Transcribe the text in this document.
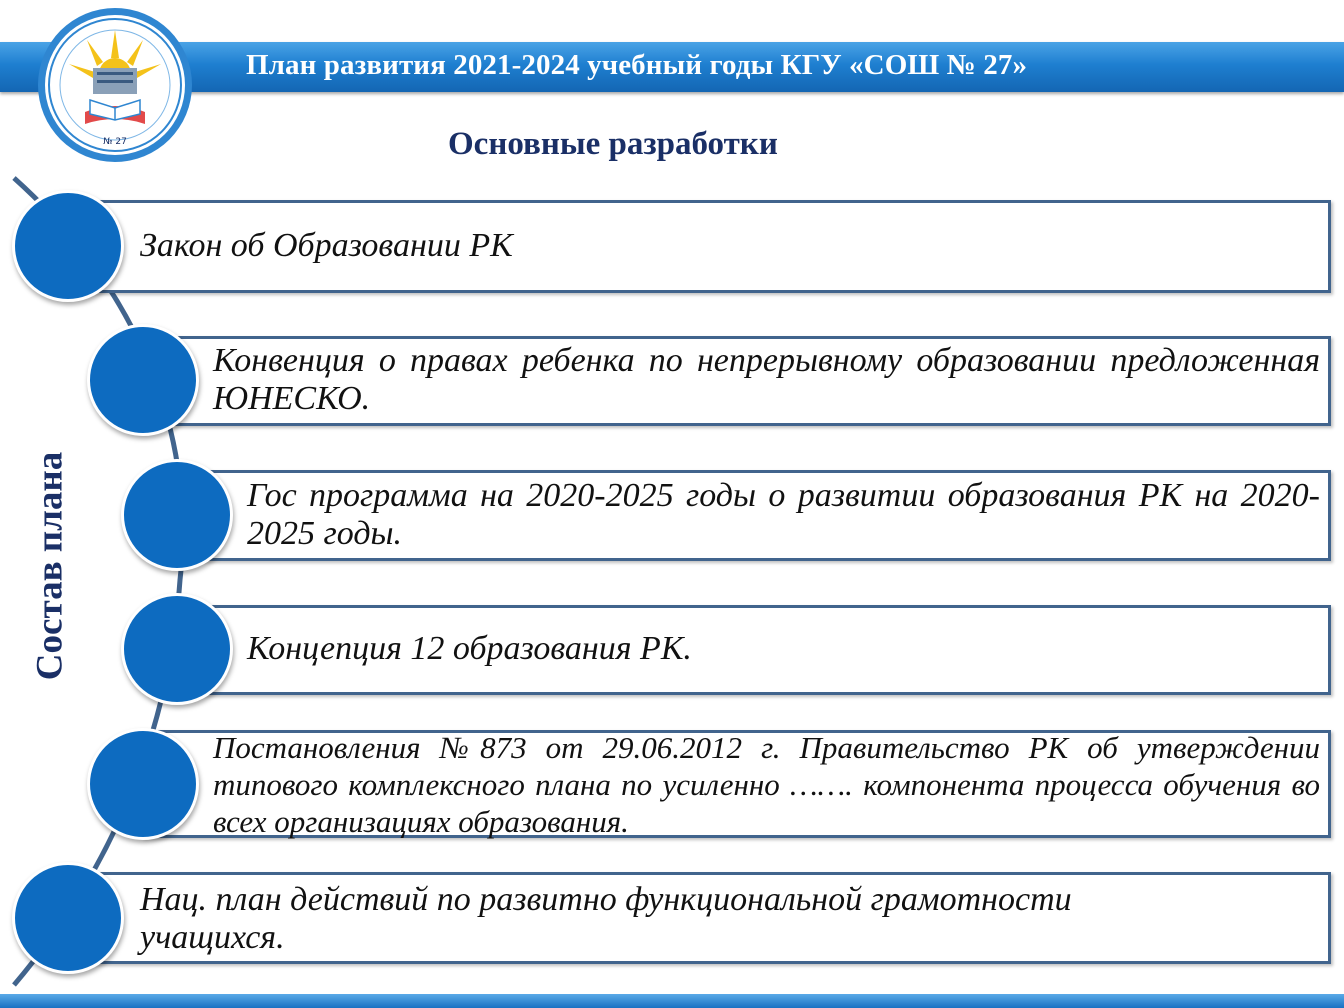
План развития 2021-2024 учебный годы КГУ «СОШ № 27»
№ 27	Основные разработки
Состав плана
Закон об Образовании РК
Конвенция о правах ребенка по непрерывному образовании предложенная ЮНЕСКО.
Гос программа на 2020-2025 годы о развитии образования РК на 2020-2025 годы.
Концепция 12 образования РК.
Постановления №873 от 29.06.2012 г. Правительство РК об утверждении типового комплексного плана по усиленно ……. компонента процесса обучения во всех организациях образования.
Нац. план действий по развитно функциональной грамотности учащихся.
